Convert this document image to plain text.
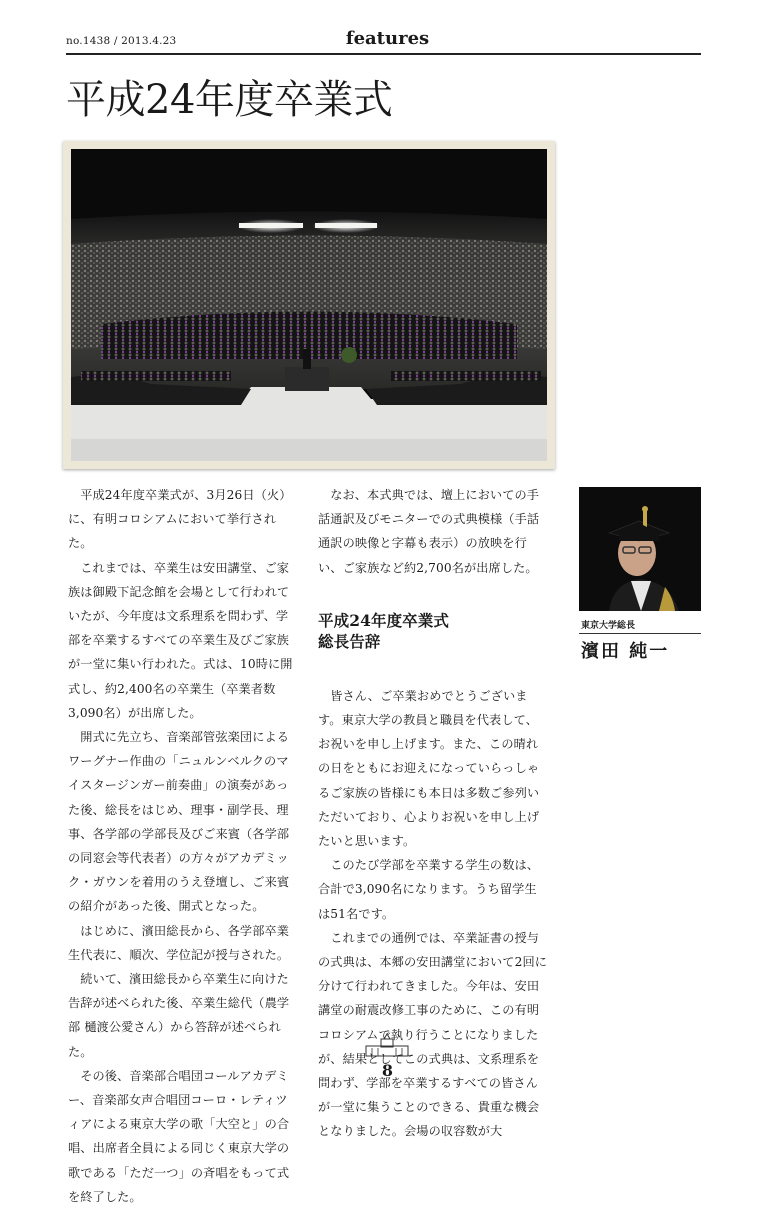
no.1438 / 2013.4.23	features
平成24年度卒業式

平成24年度卒業式が、3月26日（火）に、有明コロシアムにおいて挙行された。

これまでは、卒業生は安田講堂、ご家族は御殿下記念館を会場として行われていたが、今年度は文系理系を問わず、学部を卒業するすべての卒業生及びご家族が一堂に集い行われた。式は、10時に開式し、約2,400名の卒業生（卒業者数3,090名）が出席した。

開式に先立ち、音楽部管弦楽団によるワーグナー作曲の「ニュルンベルクのマイスタージンガー前奏曲」の演奏があった後、総長をはじめ、理事・副学長、理事、各学部の学部長及びご来賓（各学部の同窓会等代表者）の方々がアカデミック・ガウンを着用のうえ登壇し、ご来賓の紹介があった後、開式となった。

はじめに、濱田総長から、各学部卒業生代表に、順次、学位記が授与された。

続いて、濱田総長から卒業生に向けた告辞が述べられた後、卒業生総代（農学部 樋渡公愛さん）から答辞が述べられた。

その後、音楽部合唱団コールアカデミー、音楽部女声合唱団コーロ・レティツィアによる東京大学の歌「大空と」の合唱、出席者全員による同じく東京大学の歌である「ただ一つ」の斉唱をもって式を終了した。

なお、本式典では、壇上においての手話通訳及びモニターでの式典模様（手話通訳の映像と字幕も表示）の放映を行い、ご家族など約2,700名が出席した。

平成24年度卒業式
総長告辞

皆さん、ご卒業おめでとうございます。東京大学の教員と職員を代表して、お祝いを申し上げます。また、この晴れの日をともにお迎えになっていらっしゃるご家族の皆様にも本日は多数ご参列いただいており、心よりお祝いを申し上げたいと思います。

このたび学部を卒業する学生の数は、合計で3,090名になります。うち留学生は51名です。

これまでの通例では、卒業証書の授与の式典は、本郷の安田講堂において2回に分けて行われてきました。今年は、安田講堂の耐震改修工事のために、この有明コロシアムで執り行うことになりましたが、結果としてこの式典は、文系理系を問わず、学部を卒業するすべての皆さんが一堂に集うことのできる、貴重な機会となりました。会場の収容数が大

東京大学総長
濱田 純一
8
